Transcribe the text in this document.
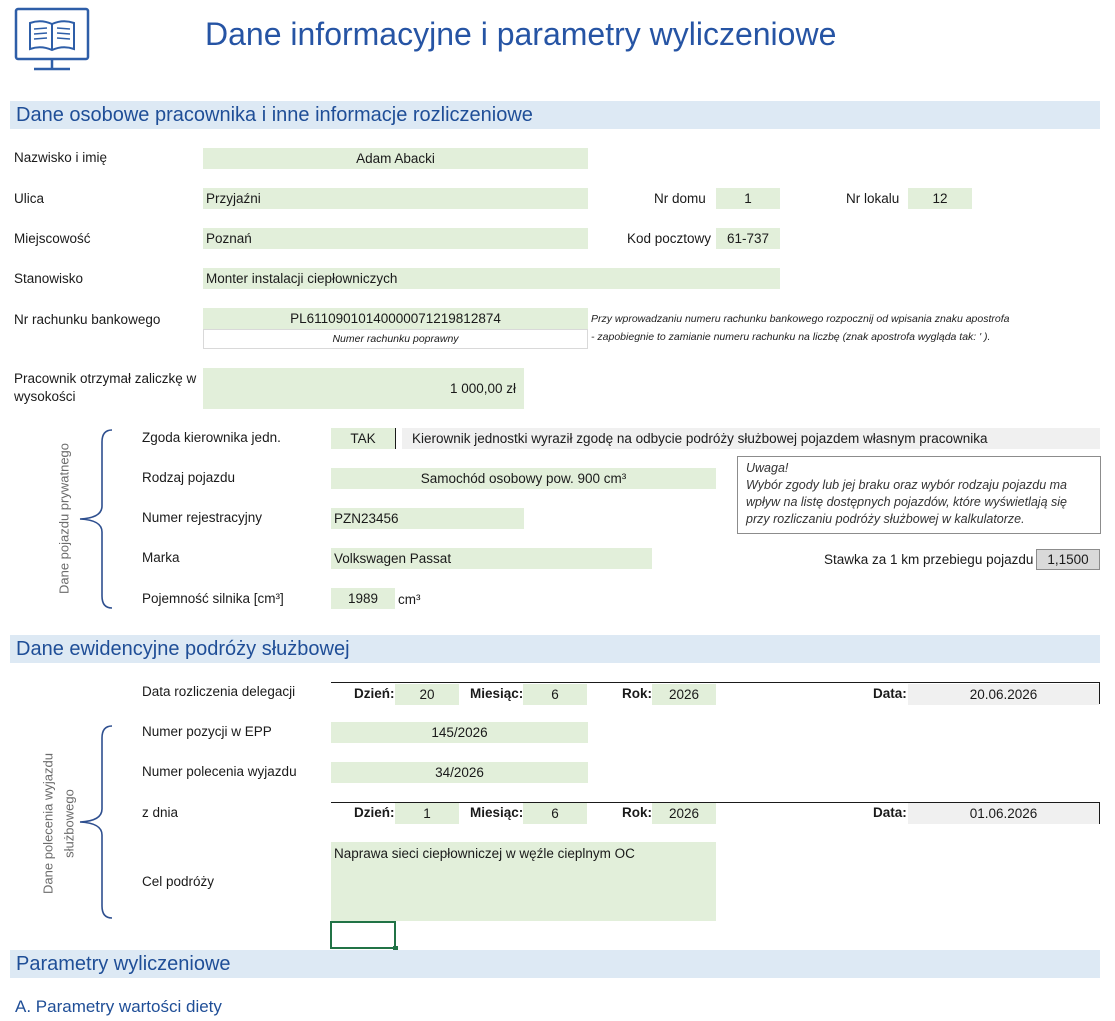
Dane informacyjne i parametry wyliczeniowe
Dane osobowe pracownika i inne informacje rozliczeniowe
Nazwisko i imię	Adam Abacki
Ulica	Przyjaźni	Nr domu	1	Nr lokalu	12
Miejscowość	Poznań	Kod pocztowy	61-737
Stanowisko	Monter instalacji ciepłowniczych
Nr rachunku bankowego	PL61109010140000071219812874
Numer rachunku poprawny
Przy wprowadzaniu numeru rachunku bankowego rozpocznij od wpisania znaku apostrofa
- zapobiegnie to zamianie numeru rachunku na liczbę (znak apostrofa wygląda tak: ' ).
Pracownik otrzymał zaliczkę w
wysokości
1 000,00 zł
Dane pojazdu prywatnego
Zgoda kierownika jedn.	TAK	Kierownik jednostki wyraził zgodę na odbycie podróży służbowej pojazdem własnym pracownika
Rodzaj pojazdu	Samochód osobowy pow. 900 cm³
Uwaga!
Wybór zgody lub jej braku oraz wybór rodzaju pojazdu ma
wpływ na listę dostępnych pojazdów, które wyświetlają się
przy rozliczaniu podróży służbowej w kalkulatorze.
Numer rejestracyjny	PZN23456
Marka	Volkswagen Passat	Stawka za 1 km przebiegu pojazdu	1,1500
Pojemność silnika [cm³]	1989	cm³
Dane ewidencyjne podróży służbowej
Data rozliczenia delegacji	Dzień:	20	Miesiąc:	6	Rok:	2026	Data:	20.06.2026
Dane polecenia wyjazdu służbowego
Numer pozycji w EPP	145/2026
Numer polecenia wyjazdu	34/2026
z dnia	Dzień:	1	Miesiąc:	6	Rok:	2026	Data:	01.06.2026
Cel podróży
Naprawa sieci ciepłowniczej w węźle cieplnym OC
Parametry wyliczeniowe
A. Parametry wartości diety
